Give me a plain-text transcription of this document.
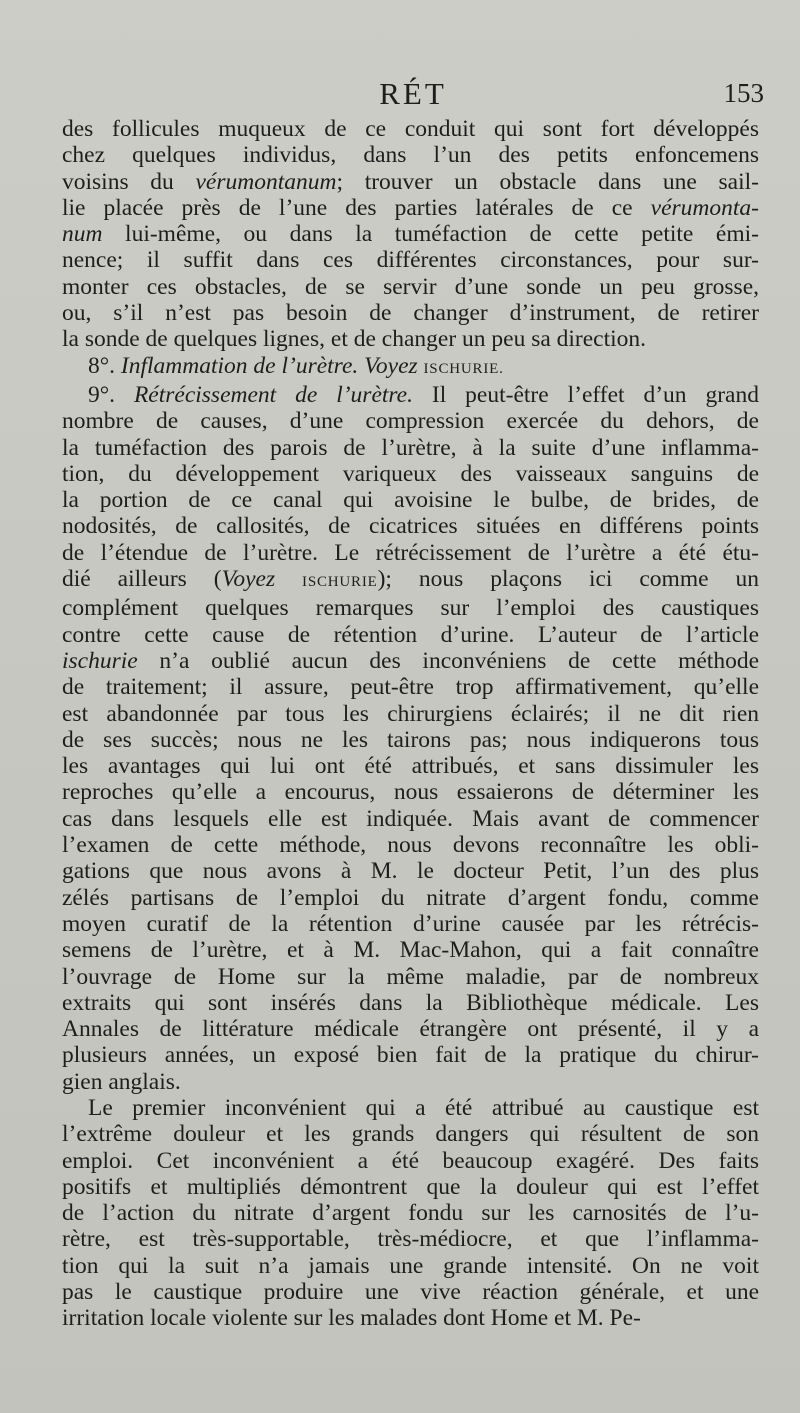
RÉT	153
des follicules muqueux de ce conduit qui sont fort développés
chez quelques individus, dans l’un des petits enfoncemens
voisins du vérumontanum; trouver un obstacle dans une sail-
lie placée près de l’une des parties latérales de ce vérumonta-
num lui-même, ou dans la tuméfaction de cette petite émi-
nence; il suffit dans ces différentes circonstances, pour sur-
monter ces obstacles, de se servir d’une sonde un peu grosse,
ou, s’il n’est pas besoin de changer d’instrument, de retirer
la sonde de quelques lignes, et de changer un peu sa direction.
8°. Inflammation de l’urètre. Voyez ISCHURIE.
9°. Rétrécissement de l’urètre. Il peut-être l’effet d’un grand
nombre de causes, d’une compression exercée du dehors, de
la tuméfaction des parois de l’urètre, à la suite d’une inflamma-
tion, du développement variqueux des vaisseaux sanguins de
la portion de ce canal qui avoisine le bulbe, de brides, de
nodosités, de callosités, de cicatrices situées en différens points
de l’étendue de l’urètre. Le rétrécissement de l’urètre a été étu-
dié ailleurs (Voyez ISCHURIE); nous plaçons ici comme un
complément quelques remarques sur l’emploi des caustiques
contre cette cause de rétention d’urine. L’auteur de l’article
ischurie n’a oublié aucun des inconvéniens de cette méthode
de traitement; il assure, peut-être trop affirmativement, qu’elle
est abandonnée par tous les chirurgiens éclairés; il ne dit rien
de ses succès; nous ne les tairons pas; nous indiquerons tous
les avantages qui lui ont été attribués, et sans dissimuler les
reproches qu’elle a encourus, nous essaierons de déterminer les
cas dans lesquels elle est indiquée. Mais avant de commencer
l’examen de cette méthode, nous devons reconnaître les obli-
gations que nous avons à M. le docteur Petit, l’un des plus
zélés partisans de l’emploi du nitrate d’argent fondu, comme
moyen curatif de la rétention d’urine causée par les rétrécis-
semens de l’urètre, et à M. Mac-Mahon, qui a fait connaître
l’ouvrage de Home sur la même maladie, par de nombreux
extraits qui sont insérés dans la Bibliothèque médicale. Les
Annales de littérature médicale étrangère ont présenté, il y a
plusieurs années, un exposé bien fait de la pratique du chirur-
gien anglais.
Le premier inconvénient qui a été attribué au caustique est
l’extrême douleur et les grands dangers qui résultent de son
emploi. Cet inconvénient a été beaucoup exagéré. Des faits
positifs et multipliés démontrent que la douleur qui est l’effet
de l’action du nitrate d’argent fondu sur les carnosités de l’u-
rètre, est très-supportable, très-médiocre, et que l’inflamma-
tion qui la suit n’a jamais une grande intensité. On ne voit
pas le caustique produire une vive réaction générale, et une
irritation locale violente sur les malades dont Home et M. Pe-
